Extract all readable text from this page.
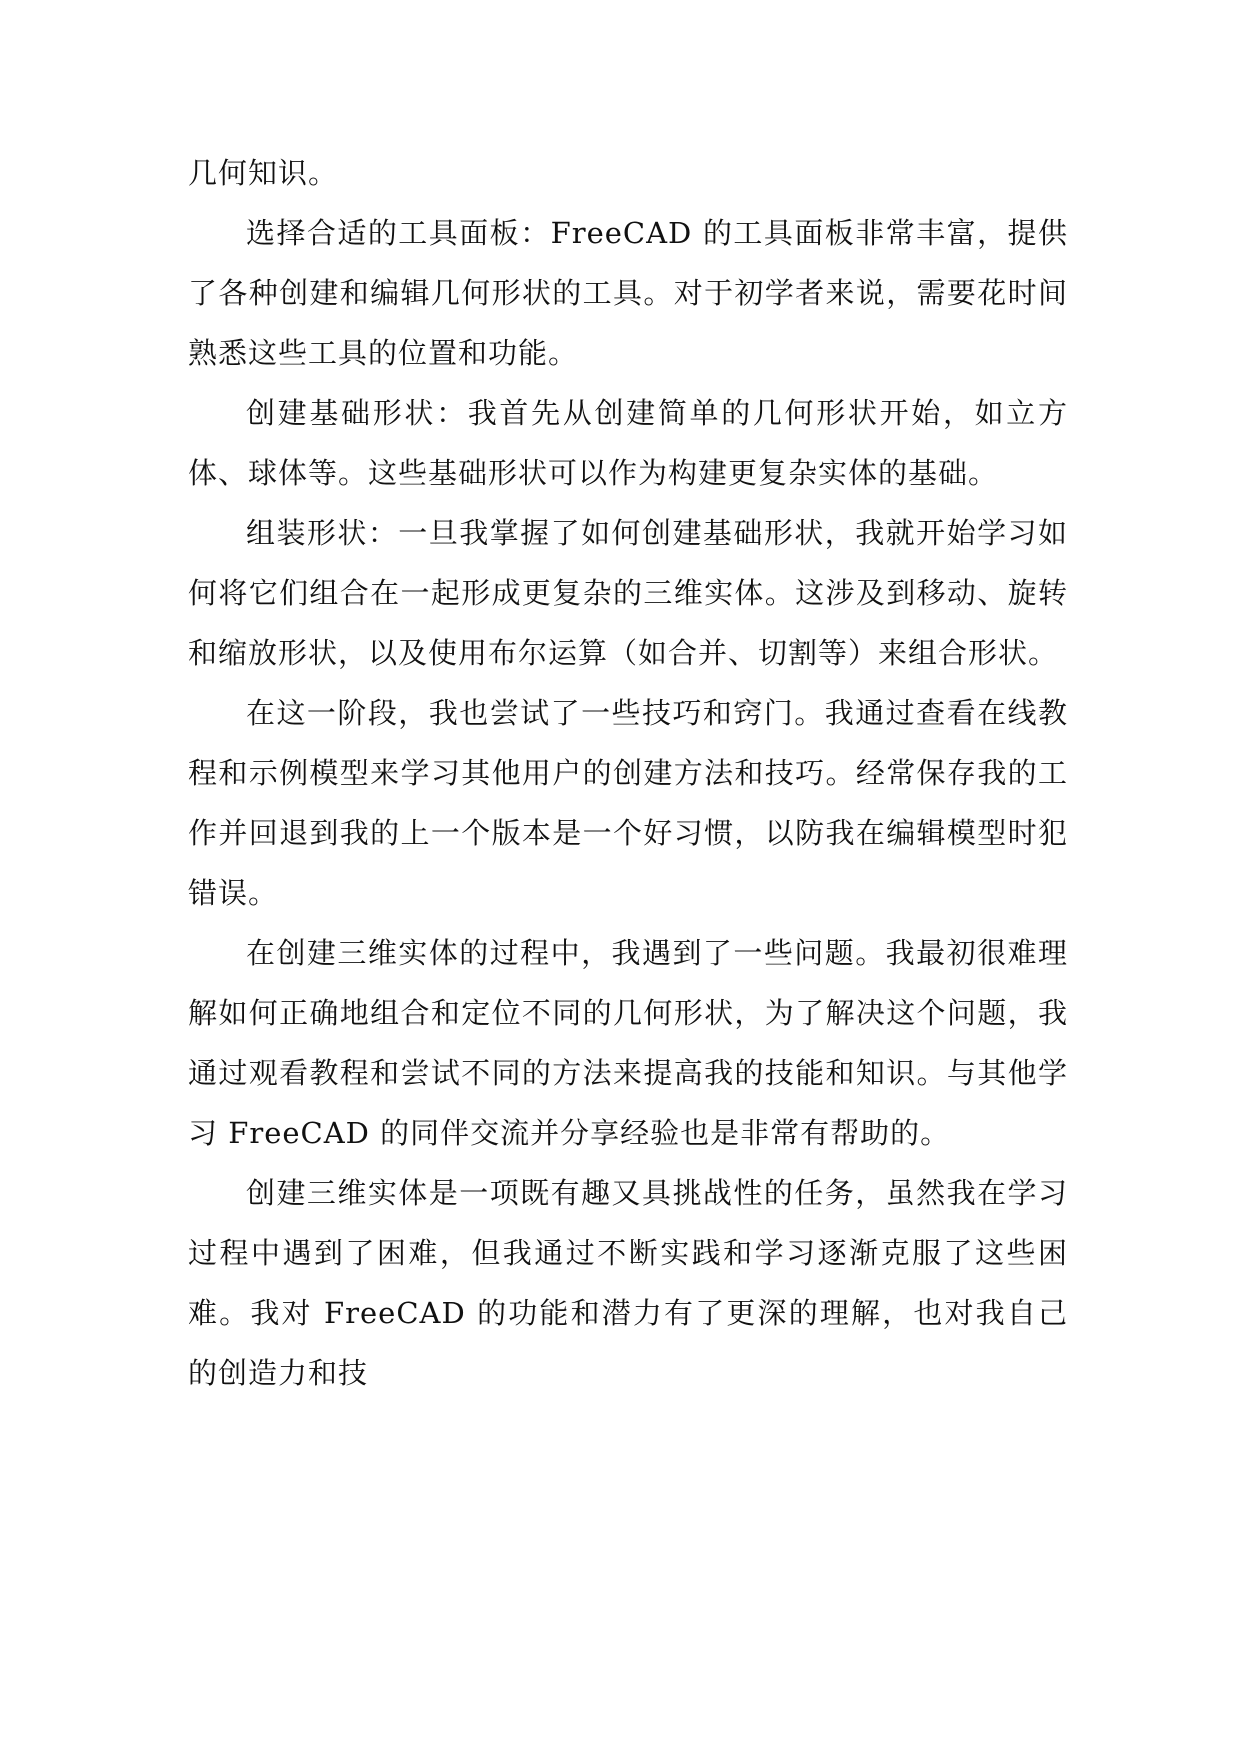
几何知识。

选择合适的工具面板：FreeCAD 的工具面板非常丰富，提供了各种创建和编辑几何形状的工具。对于初学者来说，需要花时间熟悉这些工具的位置和功能。

创建基础形状：我首先从创建简单的几何形状开始，如立方体、球体等。这些基础形状可以作为构建更复杂实体的基础。

组装形状：一旦我掌握了如何创建基础形状，我就开始学习如何将它们组合在一起形成更复杂的三维实体。这涉及到移动、旋转和缩放形状，以及使用布尔运算（如合并、切割等）来组合形状。

在这一阶段，我也尝试了一些技巧和窍门。我通过查看在线教程和示例模型来学习其他用户的创建方法和技巧。经常保存我的工作并回退到我的上一个版本是一个好习惯，以防我在编辑模型时犯错误。

在创建三维实体的过程中，我遇到了一些问题。我最初很难理解如何正确地组合和定位不同的几何形状，为了解决这个问题，我通过观看教程和尝试不同的方法来提高我的技能和知识。与其他学习 FreeCAD 的同伴交流并分享经验也是非常有帮助的。

创建三维实体是一项既有趣又具挑战性的任务，虽然我在学习过程中遇到了困难，但我通过不断实践和学习逐渐克服了这些困难。我对 FreeCAD 的功能和潜力有了更深的理解，也对我自己的创造力和技
